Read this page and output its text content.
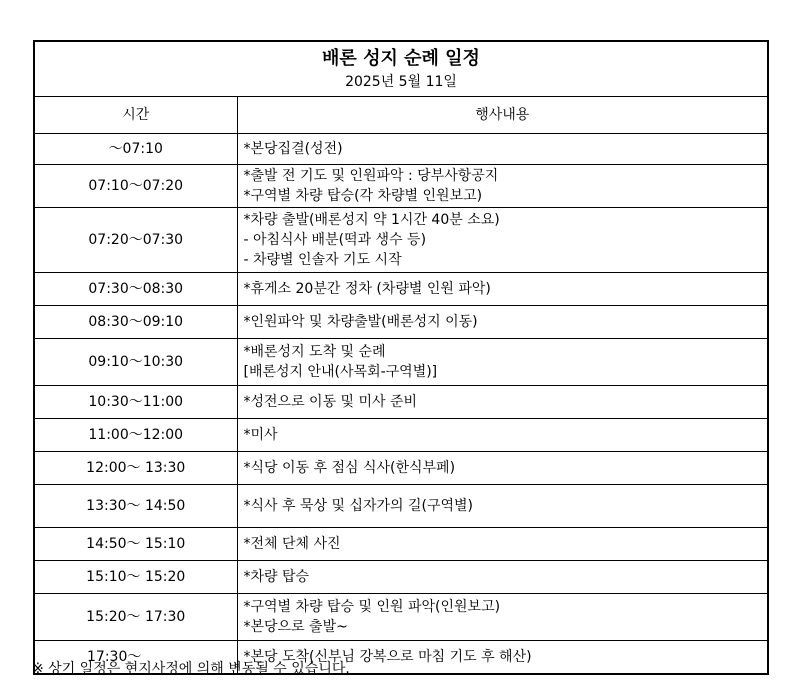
배론 성지 순례 일정
2025년 5월 11일	

시간	행사내용
～07:10	*본당집결(성전)

07:10～07:20	*출발 전 기도 및 인원파악 : 당부사항공지
*구역별 차량 탑승(각 차량별 인원보고)

07:20～07:30	*차량 출발(배론성지 약 1시간 40분 소요)
- 아침식사 배분(떡과 생수 등)
- 차량별 인솔자 기도 시작

07:30～08:30	*휴게소 20분간 정차 (차량별 인원 파악)

08:30～09:10	*인원파악 및 차량출발(배론성지 이동)

09:10～10:30	*배론성지 도착 및 순례
[배론성지 안내(사목회-구역별)]

10:30～11:00	*성전으로 이동 및 미사 준비

11:00～12:00	*미사

12:00～ 13:30	*식당 이동 후 점심 식사(한식부페)

13:30～ 14:50	*식사 후 묵상 및 십자가의 길(구역별)

14:50～ 15:10	*전체 단체 사진

15:10～ 15:20	*차량 탑승

15:20～ 17:30	*구역별 차량 탑승 및 인원 파악(인원보고)
*본당으로 출발~

17:30～	*본당 도착(신부님 강복으로 마침 기도 후 해산)
※ 상기 일정은 현지사정에 의해 변동될 수 있습니다.
